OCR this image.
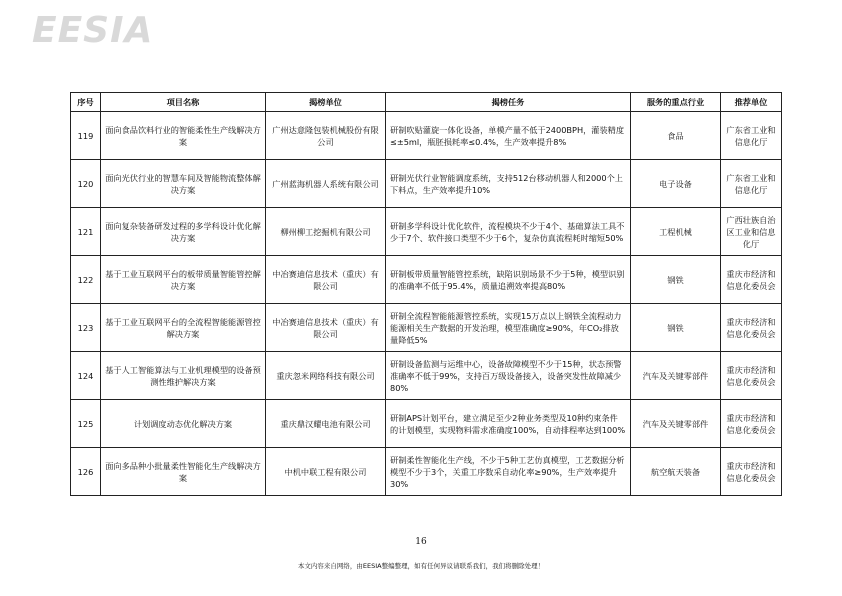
EESIA
序号	项目名称	揭榜单位	揭榜任务	服务的重点行业	推荐单位
119	面向食品饮料行业的智能柔性生产线解决方案	广州达意隆包装机械股份有限公司	研制吹贴灌旋一体化设备，单模产量不低于2400BPH，灌装精度≤±5ml，瓶胚损耗率≤0.4%，生产效率提升8%	食品	广东省工业和信息化厅
120	面向光伏行业的智慧车间及智能物流整体解决方案	广州蓝海机器人系统有限公司	研制光伏行业智能调度系统，支持512台移动机器人和2000个上下料点，生产效率提升10%	电子设备	广东省工业和信息化厅
121	面向复杂装备研发过程的多学科设计优化解决方案	柳州柳工挖掘机有限公司	研制多学科设计优化软件，流程模块不少于4个、基础算法工具不少于7个、软件接口类型不少于6个，复杂仿真流程耗时缩短50%	工程机械	广西壮族自治区工业和信息化厅
122	基于工业互联网平台的板带质量智能管控解决方案	中冶赛迪信息技术（重庆）有限公司	研制板带质量智能管控系统，缺陷识别场景不少于5种，模型识别的准确率不低于95.4%，质量追溯效率提高80%	钢铁	重庆市经济和信息化委员会
123	基于工业互联网平台的全流程智能能源管控解决方案	中冶赛迪信息技术（重庆）有限公司	研制全流程智能能源管控系统，实现15万点以上钢铁全流程动力能源相关生产数据的开发治理，模型准确度≥90%，年CO₂排放量降低5%	钢铁	重庆市经济和信息化委员会
124	基于人工智能算法与工业机理模型的设备预测性维护解决方案	重庆忽米网络科技有限公司	研制设备监测与运维中心，设备故障模型不少于15种，状态预警准确率不低于99%，支持百万级设备接入，设备突发性故障减少80%	汽车及关键零部件	重庆市经济和信息化委员会
125	计划调度动态优化解决方案	重庆鼎汉耀电池有限公司	研制APS计划平台，建立满足至少2种业务类型及10种约束条件的计划模型，实现物料需求准确度100%，自动排程率达到100%	汽车及关键零部件	重庆市经济和信息化委员会
126	面向多品种小批量柔性智能化生产线解决方案	中机中联工程有限公司	研制柔性智能化生产线，不少于5种工艺仿真模型，工艺数据分析模型不少于3个，关重工序数采自动化率≥90%，生产效率提升30%	航空航天装备	重庆市经济和信息化委员会
16
本文内容来自网络，由EESIA整编整理，如有任何异议请联系我们，我们将删除处理！
